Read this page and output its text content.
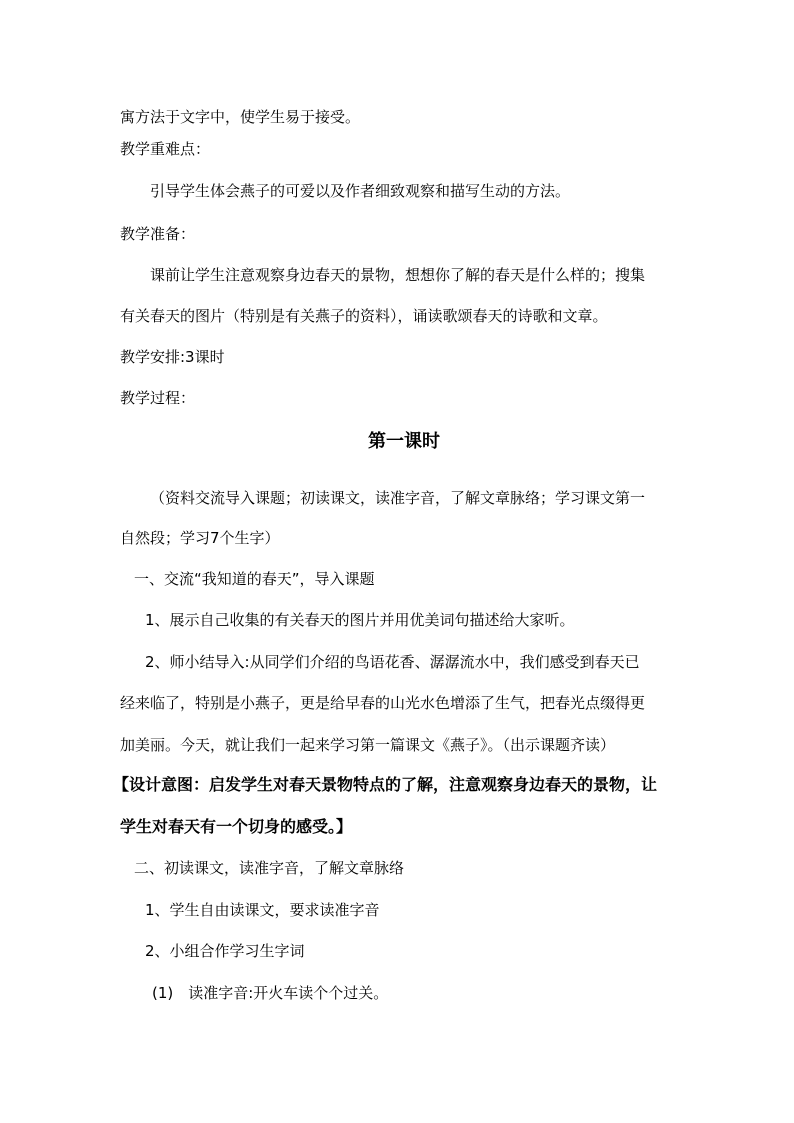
寓方法于文字中，使学生易于接受。
教学重难点：
引导学生体会燕子的可爱以及作者细致观察和描写生动的方法。
教学准备：
课前让学生注意观察身边春天的景物，想想你了解的春天是什么样的；搜集
有关春天的图片（特别是有关燕子的资料），诵读歌颂春天的诗歌和文章。
教学安排:3课时
教学过程：
第一课时
（资料交流导入课题；初读课文，读准字音，了解文章脉络；学习课文第一
自然段；学习7个生字）
一、交流“我知道的春天”，导入课题
1、展示自己收集的有关春天的图片并用优美词句描述给大家听。
2、师小结导入:从同学们介绍的鸟语花香、潺潺流水中，我们感受到春天已
经来临了，特别是小燕子，更是给早春的山光水色增添了生气，把春光点缀得更
加美丽。今天，就让我们一起来学习第一篇课文《燕子》。（出示课题齐读）
【设计意图：启发学生对春天景物特点的了解，注意观察身边春天的景物，让
学生对春天有一个切身的感受。】
二、初读课文，读准字音，了解文章脉络
1、学生自由读课文，要求读准字音
2、小组合作学习生字词
(1)　读准字音:开火车读个个过关。
